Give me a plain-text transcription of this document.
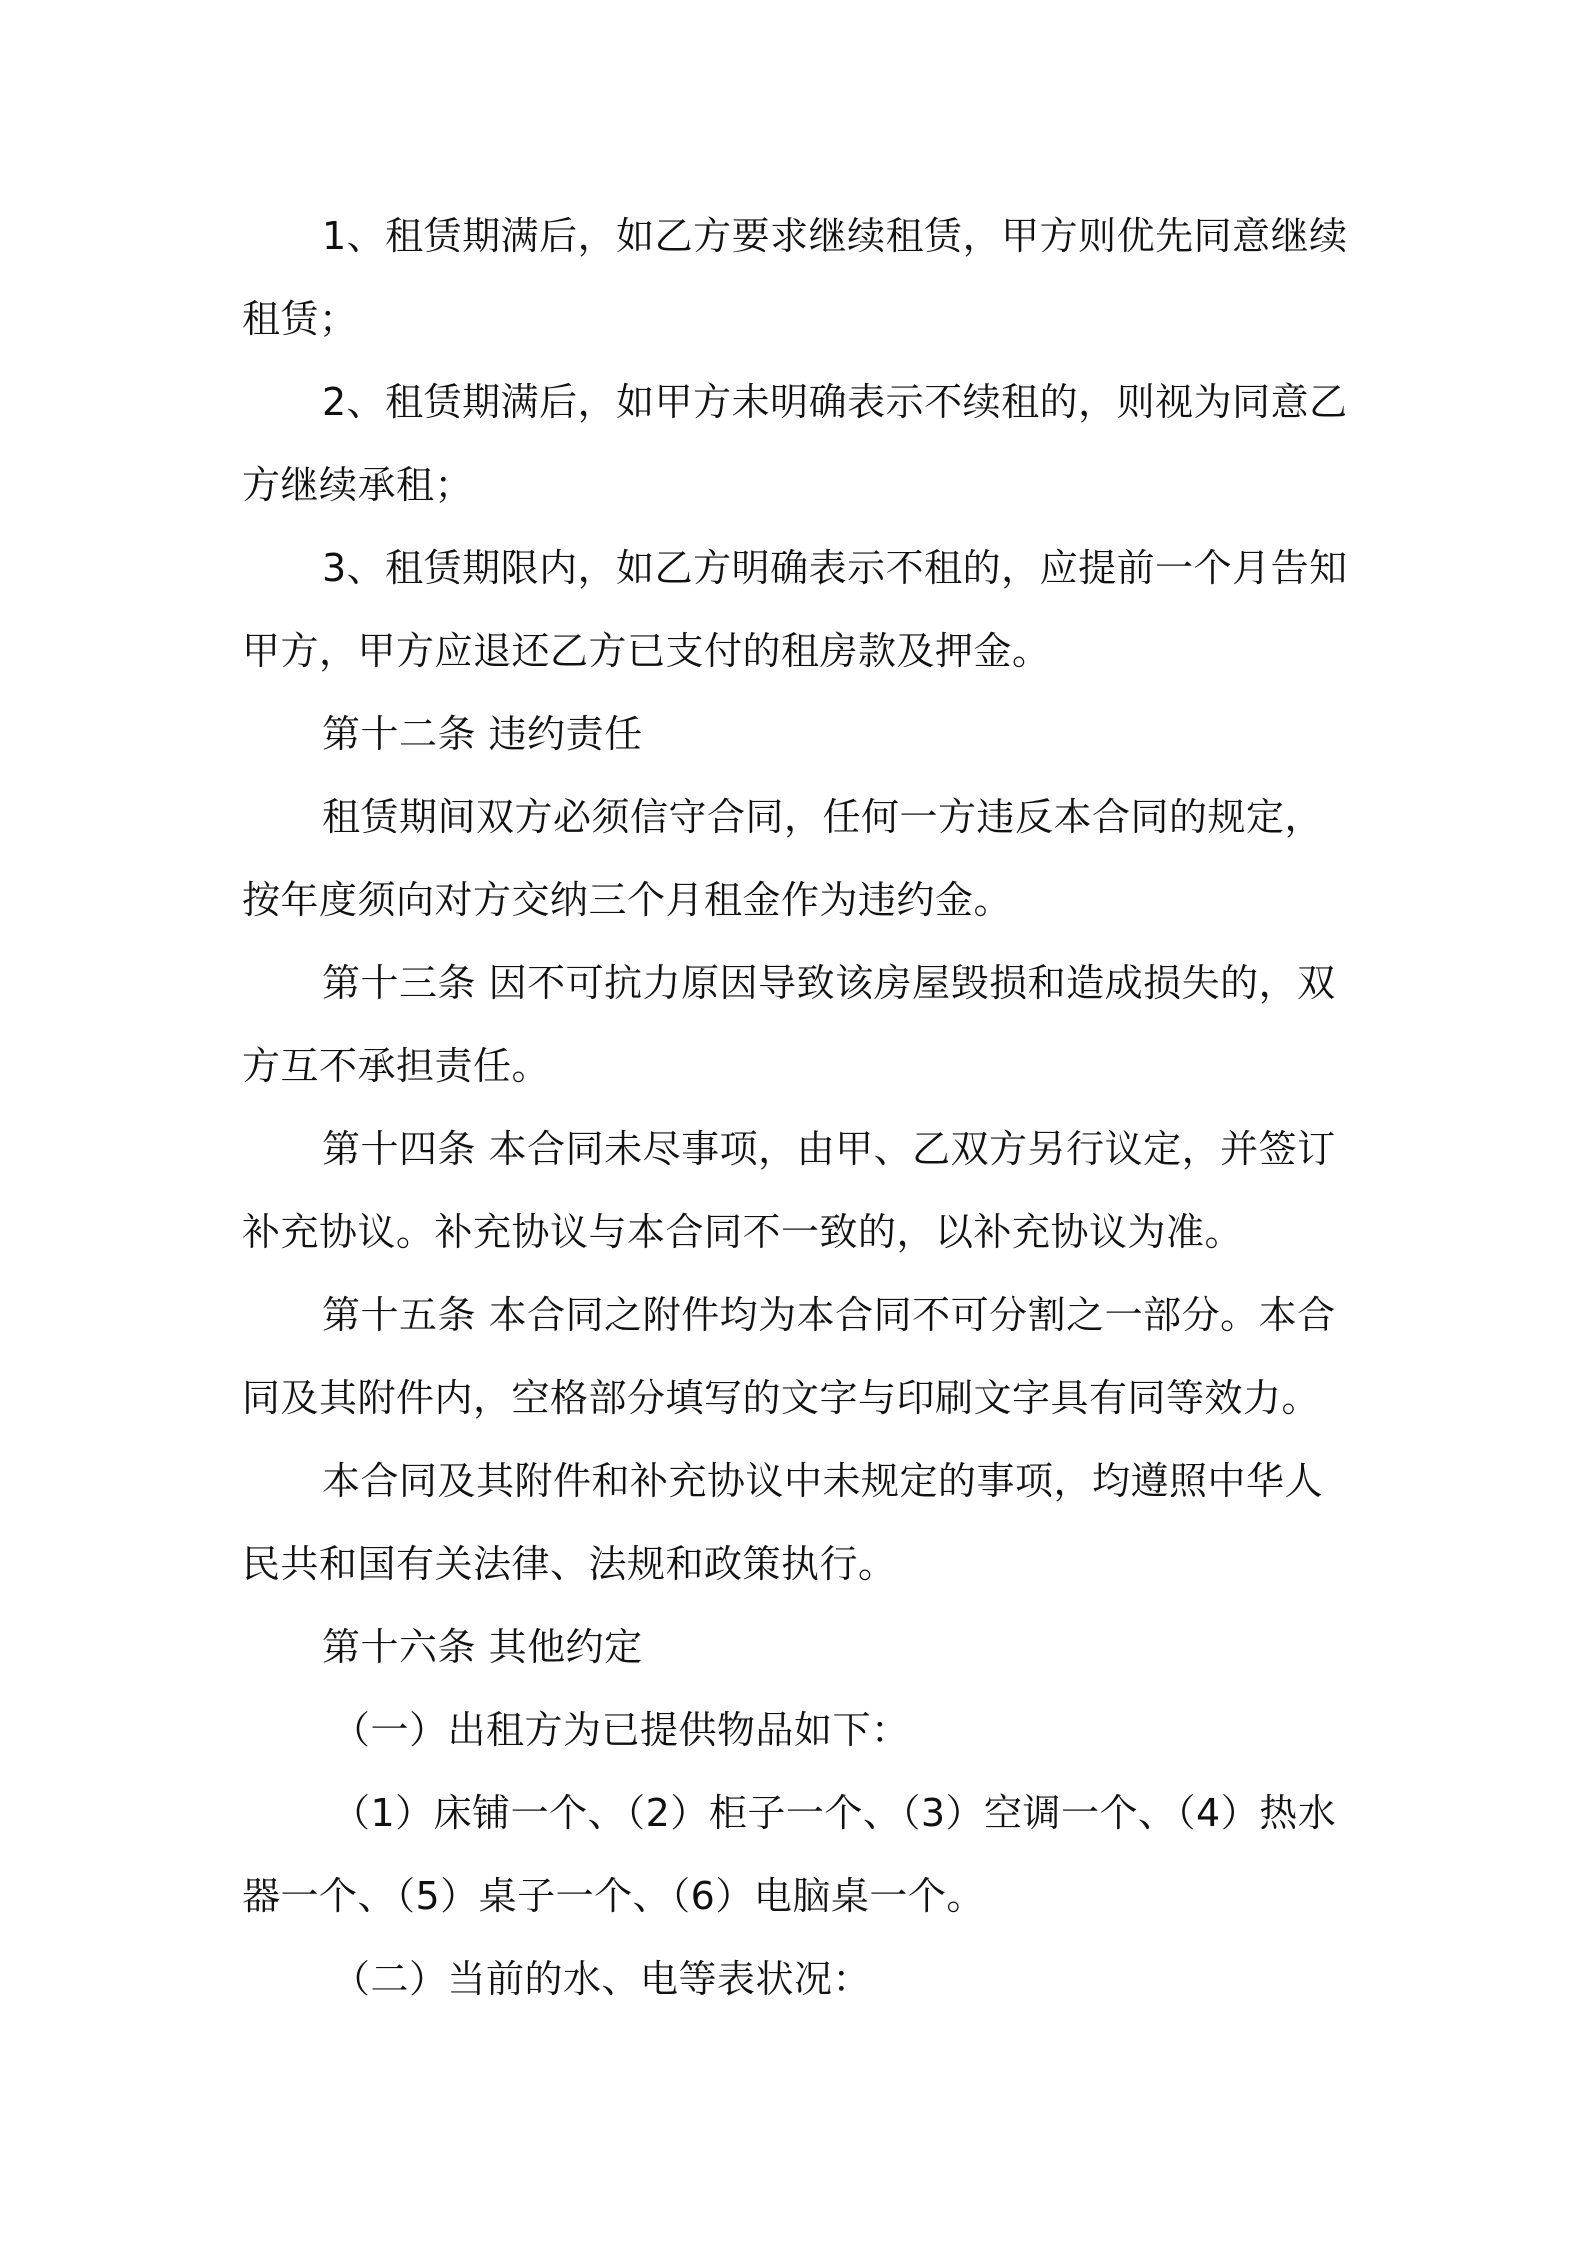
1、租赁期满后，如乙方要求继续租赁，甲方则优先同意继续租赁；

2、租赁期满后，如甲方未明确表示不续租的，则视为同意乙方继续承租；

3、租赁期限内，如乙方明确表示不租的，应提前一个月告知甲方，甲方应退还乙方已支付的租房款及押金。

第十二条 违约责任

租赁期间双方必须信守合同，任何一方违反本合同的规定，按年度须向对方交纳三个月租金作为违约金。

第十三条 因不可抗力原因导致该房屋毁损和造成损失的，双方互不承担责任。

第十四条 本合同未尽事项，由甲、乙双方另行议定，并签订补充协议。补充协议与本合同不一致的，以补充协议为准。

第十五条 本合同之附件均为本合同不可分割之一部分。本合同及其附件内，空格部分填写的文字与印刷文字具有同等效力。

本合同及其附件和补充协议中未规定的事项，均遵照中华人民共和国有关法律、法规和政策执行。

第十六条 其他约定

（一）出租方为已提供物品如下：

（1）床铺一个、（2）柜子一个、（3）空调一个、（4）热水器一个、（5）桌子一个、（6）电脑桌一个。

（二）当前的水、电等表状况：
